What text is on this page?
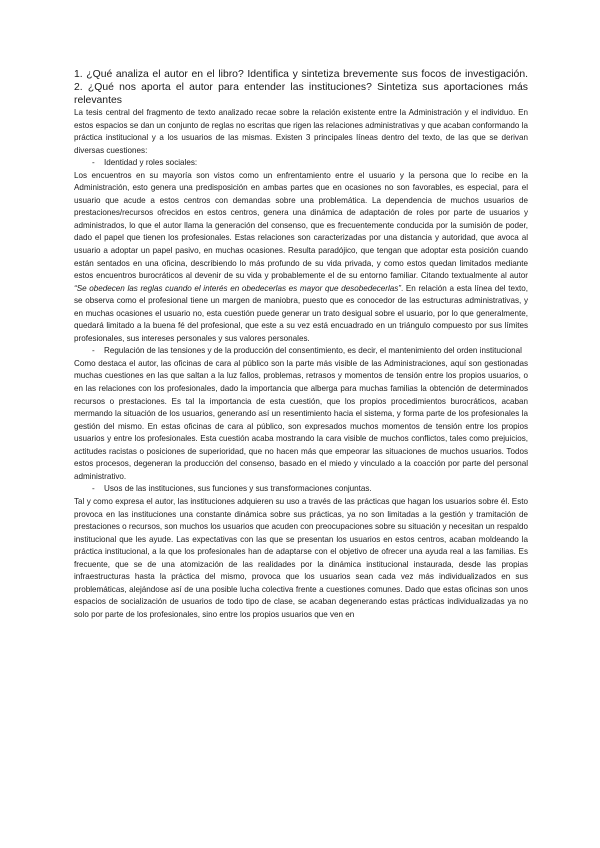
1. ¿Qué analiza el autor en el libro? Identifica y sintetiza brevemente sus focos de investigación. 2. ¿Qué nos aporta el autor para entender las instituciones? Sintetiza sus aportaciones más relevantes

La tesis central del fragmento de texto analizado recae sobre la relación existente entre la Administración y el individuo. En estos espacios se dan un conjunto de reglas no escritas que rigen las relaciones administrativas y que acaban conformando la práctica institucional y a los usuarios de las mismas. Existen 3 principales líneas dentro del texto, de las que se derivan diversas cuestiones:

-	Identidad y roles sociales:

Los encuentros en su mayoría son vistos como un enfrentamiento entre el usuario y la persona que lo recibe en la Administración, esto genera una predisposición en ambas partes que en ocasiones no son favorables, es especial, para el usuario que acude a estos centros con demandas sobre una problemática. La dependencia de muchos usuarios de prestaciones/recursos ofrecidos en estos centros, genera una dinámica de adaptación de roles por parte de usuarios y administrados, lo que el autor llama la generación del consenso, que es frecuentemente conducida por la sumisión de poder, dado el papel que tienen los profesionales. Estas relaciones son caracterizadas por una distancia y autoridad, que avoca al usuario a adoptar un papel pasivo, en muchas ocasiones. Resulta paradójico, que tengan que adoptar esta posición cuando están sentados en una oficina, describiendo lo más profundo de su vida privada, y como estos quedan limitados mediante estos encuentros burocráticos al devenir de su vida y probablemente el de su entorno familiar. Citando textualmente al autor “Se obedecen las reglas cuando el interés en obedecerlas es mayor que desobedecerlas”. En relación a esta línea del texto, se observa como el profesional tiene un margen de maniobra, puesto que es conocedor de las estructuras administrativas, y en muchas ocasiones el usuario no, esta cuestión puede generar un trato desigual sobre el usuario, por lo que generalmente, quedará limitado a la buena fé del profesional, que este a su vez está encuadrado en un triángulo compuesto por sus límites profesionales, sus intereses personales y sus valores personales.

-	Regulación de las tensiones y de la producción del consentimiento, es decir, el mantenimiento del orden institucional

Como destaca el autor, las oficinas de cara al público son la parte más visible de las Administraciones, aquí son gestionadas muchas cuestiones en las que saltan a la luz fallos, problemas, retrasos y momentos de tensión entre los propios usuarios, o en las relaciones con los profesionales, dado la importancia que alberga para muchas familias la obtención de determinados recursos o prestaciones. Es tal la importancia de esta cuestión, que los propios procedimientos burocráticos, acaban mermando la situación de los usuarios, generando así un resentimiento hacia el sistema, y forma parte de los profesionales la gestión del mismo. En estas oficinas de cara al público, son expresados muchos momentos de tensión entre los propios usuarios y entre los profesionales. Esta cuestión acaba mostrando la cara visible de muchos conflictos, tales como prejuicios, actitudes racistas o posiciones de superioridad, que no hacen más que empeorar las situaciones de muchos usuarios. Todos estos procesos, degeneran la producción del consenso, basado en el miedo y vinculado a la coacción por parte del personal administrativo.

-	Usos de las instituciones, sus funciones y sus transformaciones conjuntas.

Tal y como expresa el autor, las instituciones adquieren su uso a través de las prácticas que hagan los usuarios sobre él. Esto provoca en las instituciones una constante dinámica sobre sus prácticas, ya no son limitadas a la gestión y tramitación de prestaciones o recursos, son muchos los usuarios que acuden con preocupaciones sobre su situación y necesitan un respaldo institucional que les ayude. Las expectativas con las que se presentan los usuarios en estos centros, acaban moldeando la práctica institucional, a la que los profesionales han de adaptarse con el objetivo de ofrecer una ayuda real a las familias. Es frecuente, que se de una atomización de las realidades por la dinámica institucional instaurada, desde las propias infraestructuras hasta la práctica del mismo, provoca que los usuarios sean cada vez más individualizados en sus problemáticas, alejándose así de una posible lucha colectiva frente a cuestiones comunes. Dado que estas oficinas son unos espacios de socialización de usuarios de todo tipo de clase, se acaban degenerando estas prácticas individualizadas ya no solo por parte de los profesionales, sino entre los propios usuarios que ven en
